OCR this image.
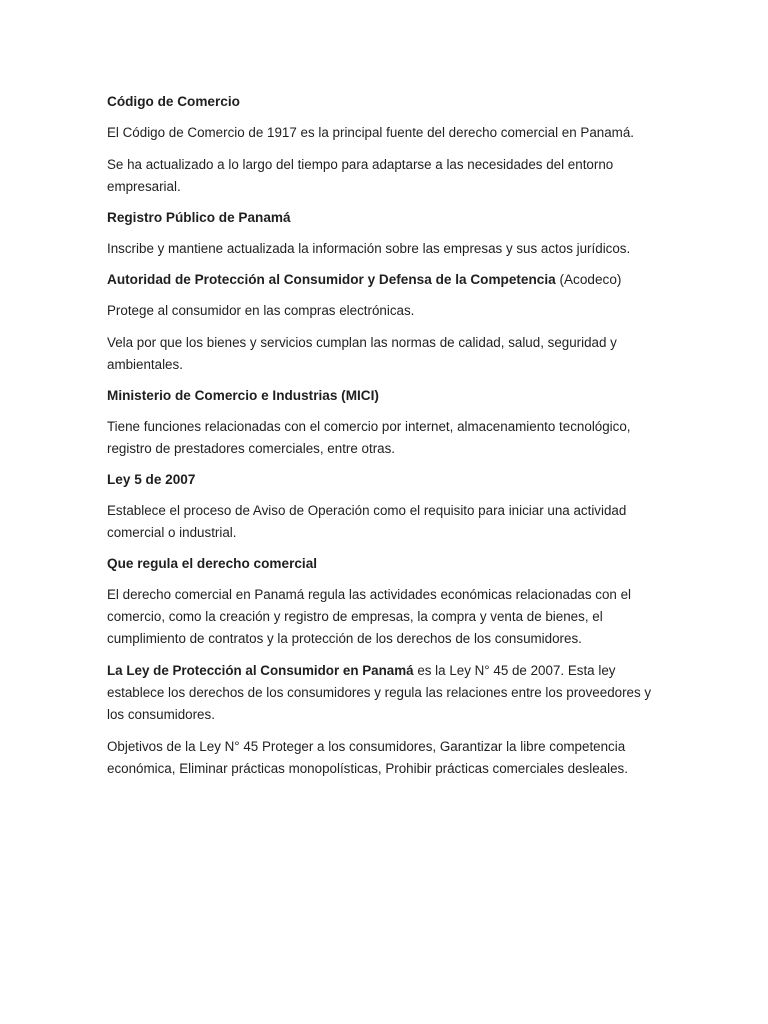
Código de Comercio
El Código de Comercio de 1917 es la principal fuente del derecho comercial en Panamá.
Se ha actualizado a lo largo del tiempo para adaptarse a las necesidades del entorno empresarial.
Registro Público de Panamá
Inscribe y mantiene actualizada la información sobre las empresas y sus actos jurídicos.
Autoridad de Protección al Consumidor y Defensa de la Competencia (Acodeco)
Protege al consumidor en las compras electrónicas.
Vela por que los bienes y servicios cumplan las normas de calidad, salud, seguridad y ambientales.
Ministerio de Comercio e Industrias (MICI)
Tiene funciones relacionadas con el comercio por internet, almacenamiento tecnológico, registro de prestadores comerciales, entre otras.
Ley 5 de 2007
Establece el proceso de Aviso de Operación como el requisito para iniciar una actividad comercial o industrial.
Que regula el derecho comercial
El derecho comercial en Panamá regula las actividades económicas relacionadas con el comercio, como la creación y registro de empresas, la compra y venta de bienes, el cumplimiento de contratos y la protección de los derechos de los consumidores.
La Ley de Protección al Consumidor en Panamá es la Ley N° 45 de 2007. Esta ley establece los derechos de los consumidores y regula las relaciones entre los proveedores y los consumidores.
Objetivos de la Ley N° 45 Proteger a los consumidores, Garantizar la libre competencia económica, Eliminar prácticas monopolísticas, Prohibir prácticas comerciales desleales.
